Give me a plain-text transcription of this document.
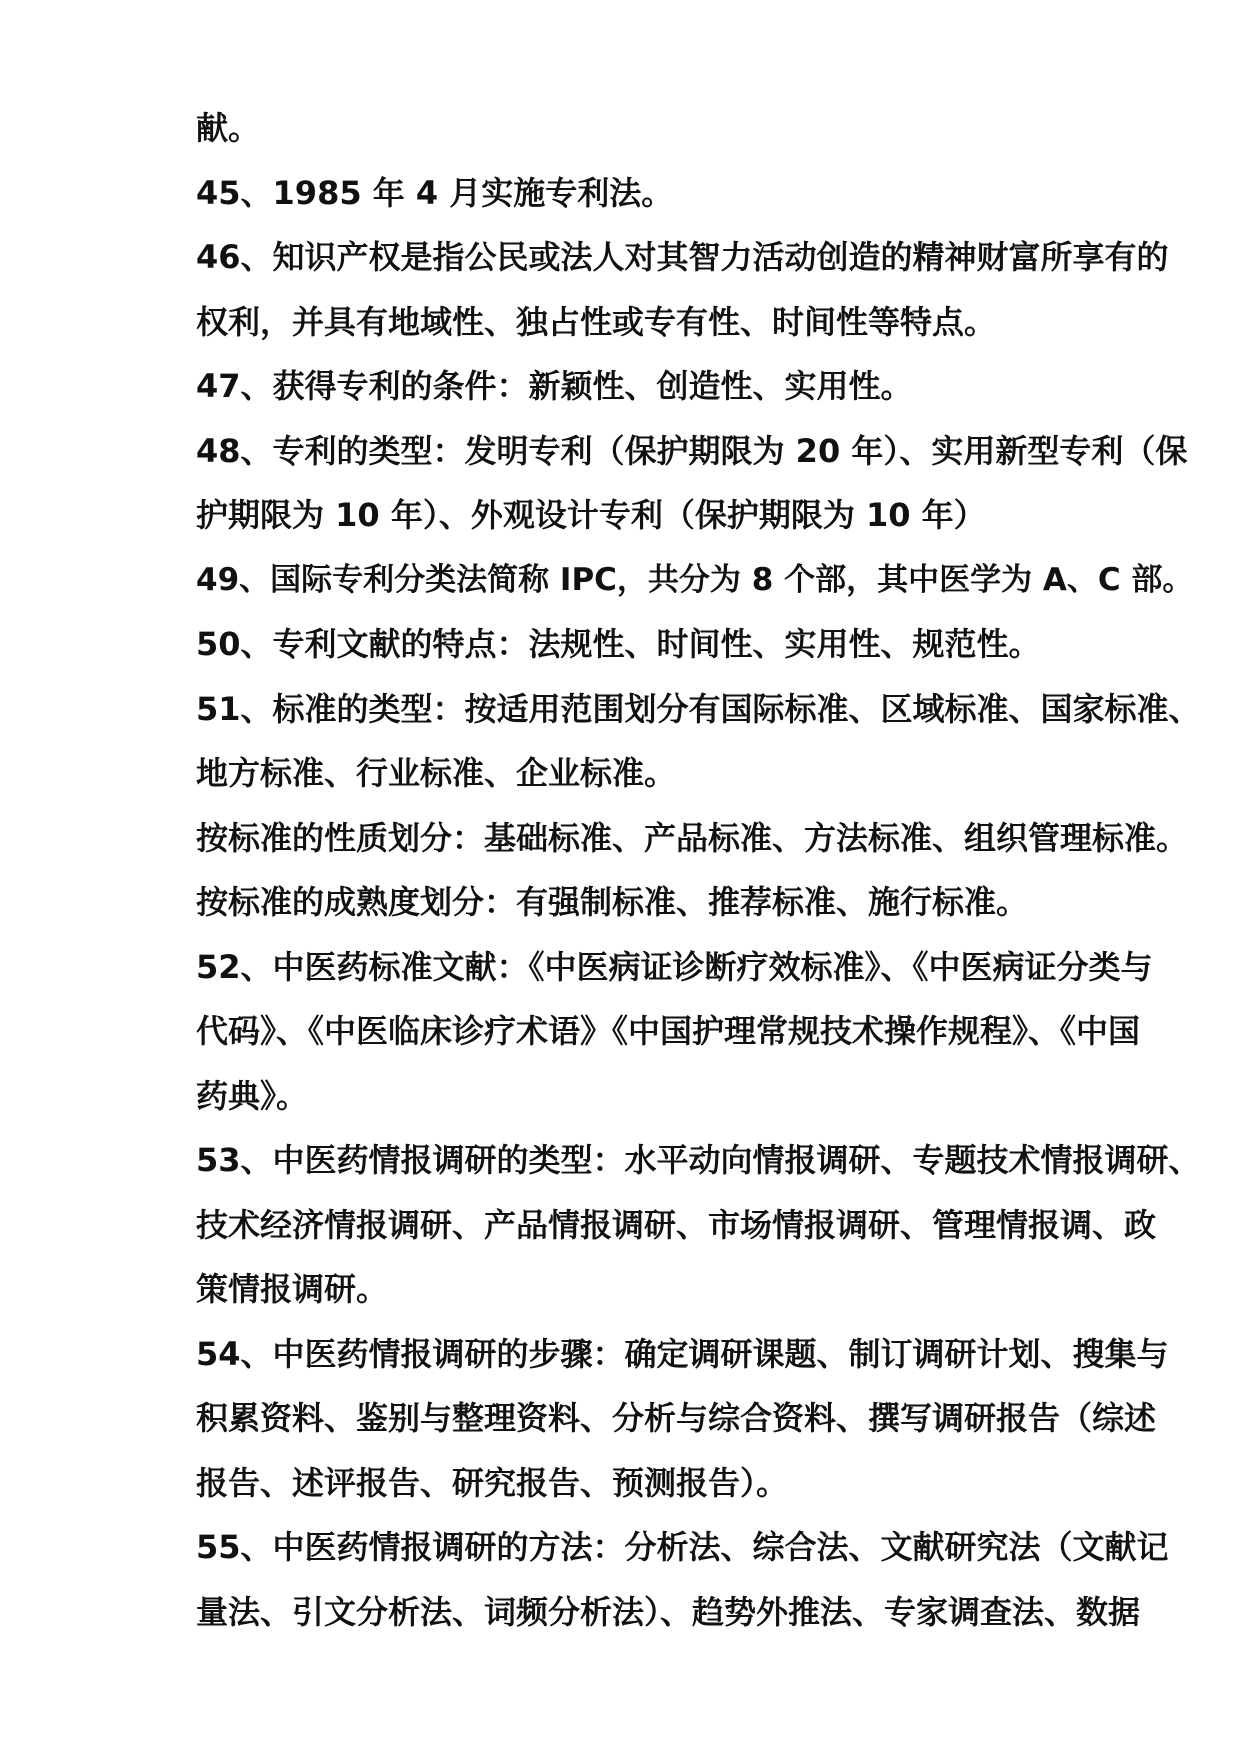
献。
45、1985 年 4 月实施专利法。
46、知识产权是指公民或法人对其智力活动创造的精神财富所享有的
权利，并具有地域性、独占性或专有性、时间性等特点。
47、获得专利的条件：新颖性、创造性、实用性。
48、专利的类型：发明专利（保护期限为 20 年）、实用新型专利（保
护期限为 10 年）、外观设计专利（保护期限为 10 年）
49、国际专利分类法简称 IPC，共分为 8 个部，其中医学为 A、C 部。
50、专利文献的特点：法规性、时间性、实用性、规范性。
51、标准的类型：按适用范围划分有国际标准、区域标准、国家标准、
地方标准、行业标准、企业标准。
按标准的性质划分：基础标准、产品标准、方法标准、组织管理标准。
按标准的成熟度划分：有强制标准、推荐标准、施行标准。
52、中医药标准文献：《中医病证诊断疗效标准》、《中医病证分类与
代码》、《中医临床诊疗术语》《中国护理常规技术操作规程》、《中国
药典》。
53、中医药情报调研的类型：水平动向情报调研、专题技术情报调研、
技术经济情报调研、产品情报调研、市场情报调研、管理情报调、政
策情报调研。
54、中医药情报调研的步骤：确定调研课题、制订调研计划、搜集与
积累资料、鉴别与整理资料、分析与综合资料、撰写调研报告（综述
报告、述评报告、研究报告、预测报告）。
55、中医药情报调研的方法：分析法、综合法、文献研究法（文献记
量法、引文分析法、词频分析法）、趋势外推法、专家调查法、数据
